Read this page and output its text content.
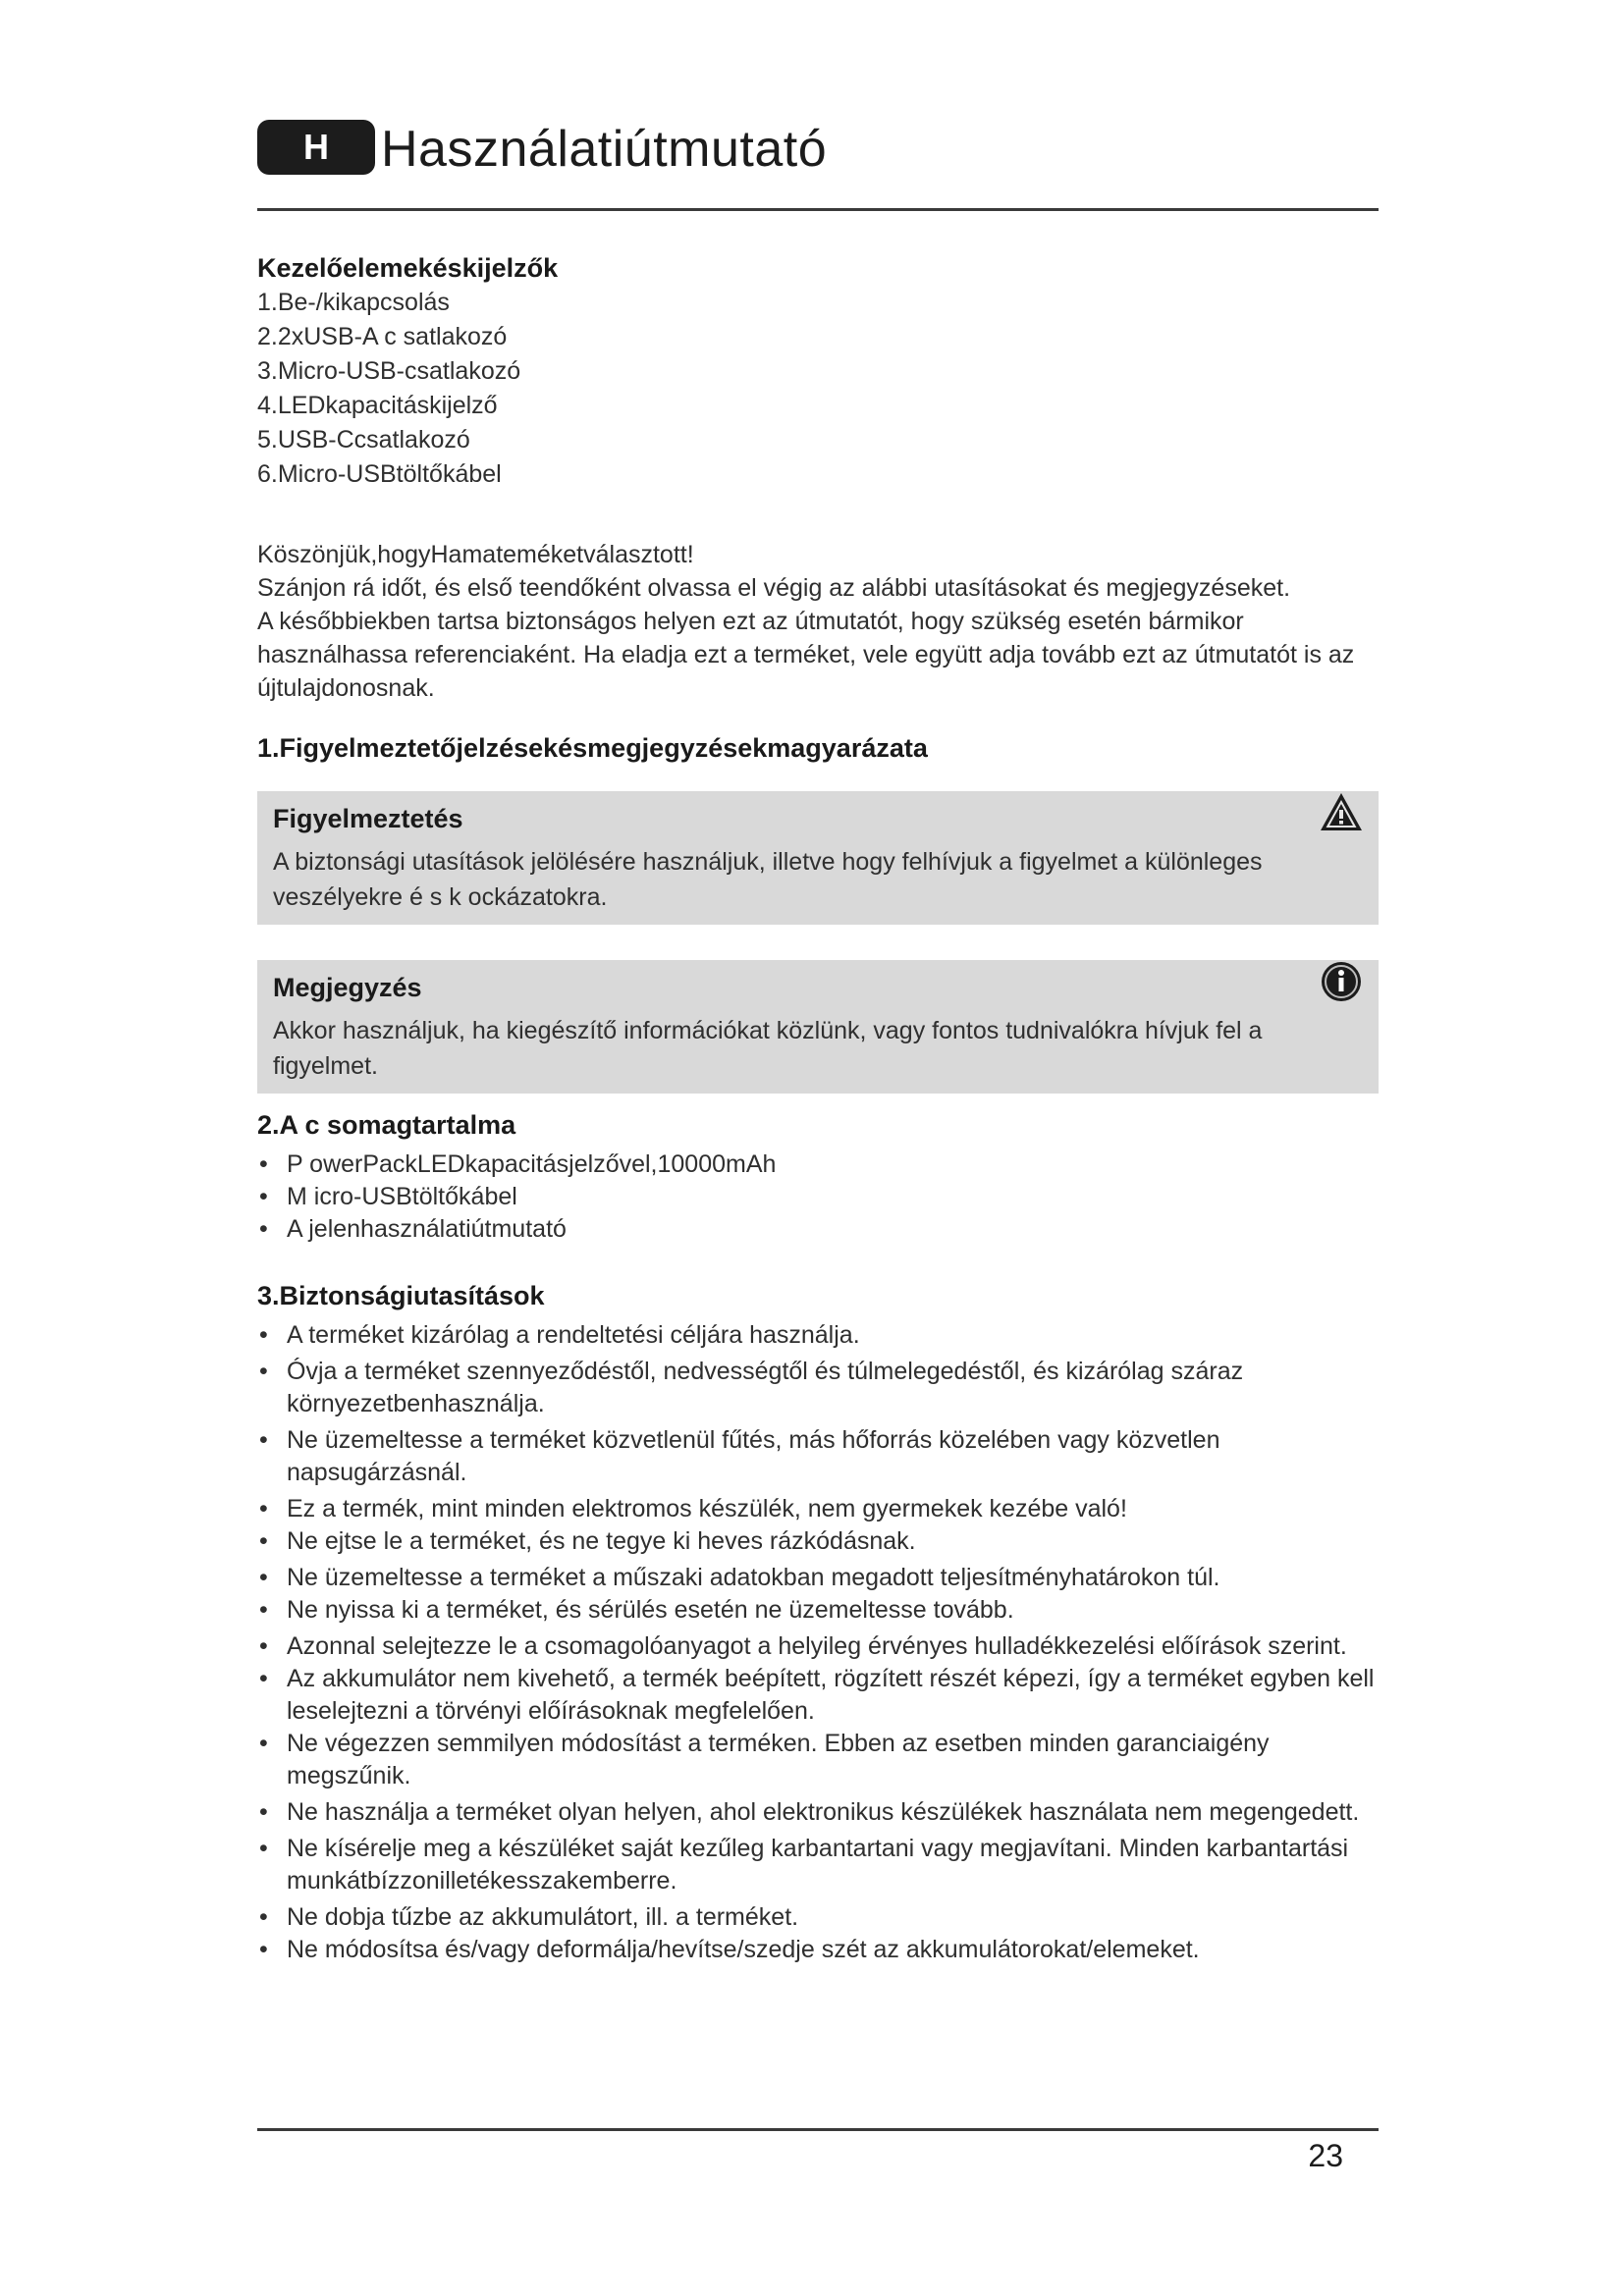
H	Használatiútmutató
Kezelőelemekéskijelzők
1.Be-/kikapcsolás
2.2xUSB-A c satlakozó
3.Micro-USB-csatlakozó
4.LEDkapacitáskijelző
5.USB-Ccsatlakozó
6.Micro-USBtöltőkábel
Köszönjük,hogyHamateméketválasztott!
Szánjon rá időt, és első teendőként olvassa el végig az alábbi utasításokat és megjegyzéseket.
A későbbiekben tartsa biztonságos helyen ezt az útmutatót, hogy szükség esetén bármikor
használhassa referenciaként. Ha eladja ezt a terméket, vele együtt adja tovább ezt az útmutatót is az
újtulajdonosnak.
1.Figyelmeztetőjelzésekésmegjegyzésekmagyarázata
Figyelmeztetés
A biztonsági utasítások jelölésére használjuk, illetve hogy felhívjuk a figyelmet a különleges
veszélyekre é s k ockázatokra.
Megjegyzés
Akkor használjuk, ha kiegészítő információkat közlünk, vagy fontos tudnivalókra hívjuk fel a
figyelmet.
2.A c somagtartalma
• P owerPackLEDkapacitásjelzővel,10000mAh
• M icro-USBtöltőkábel
• A jelenhasználatiútmutató
3.Biztonságiutasítások
• A terméket kizárólag a rendeltetési céljára használja.
• Óvja a terméket szennyeződéstől, nedvességtől és túlmelegedéstől, és kizárólag száraz környezetbenhasználja.
• Ne üzemeltesse a terméket közvetlenül fűtés, más hőforrás közelében vagy közvetlen napsugárzásnál.
• Ez a termék, mint minden elektromos készülék, nem gyermekek kezébe való!
• Ne ejtse le a terméket, és ne tegye ki heves rázkódásnak.
• Ne üzemeltesse a terméket a műszaki adatokban megadott teljesítményhatárokon túl.
• Ne nyissa ki a terméket, és sérülés esetén ne üzemeltesse tovább.
• Azonnal selejtezze le a csomagolóanyagot a helyileg érvényes hulladékkezelési előírások szerint.
• Az akkumulátor nem kivehető, a termék beépített, rögzített részét képezi, így a terméket egyben kell leselejtezni a törvényi előírásoknak megfelelően.
• Ne végezzen semmilyen módosítást a terméken. Ebben az esetben minden garanciaigény megszűnik.
• Ne használja a terméket olyan helyen, ahol elektronikus készülékek használata nem megengedett.
• Ne kísérelje meg a készüléket saját kezűleg karbantartani vagy megjavítani. Minden karbantartási munkátbízzonilletékesszakemberre.
• Ne dobja tűzbe az akkumulátort, ill. a terméket.
• Ne módosítsa és/vagy deformálja/hevítse/szedje szét az akkumulátorokat/elemeket.
23
